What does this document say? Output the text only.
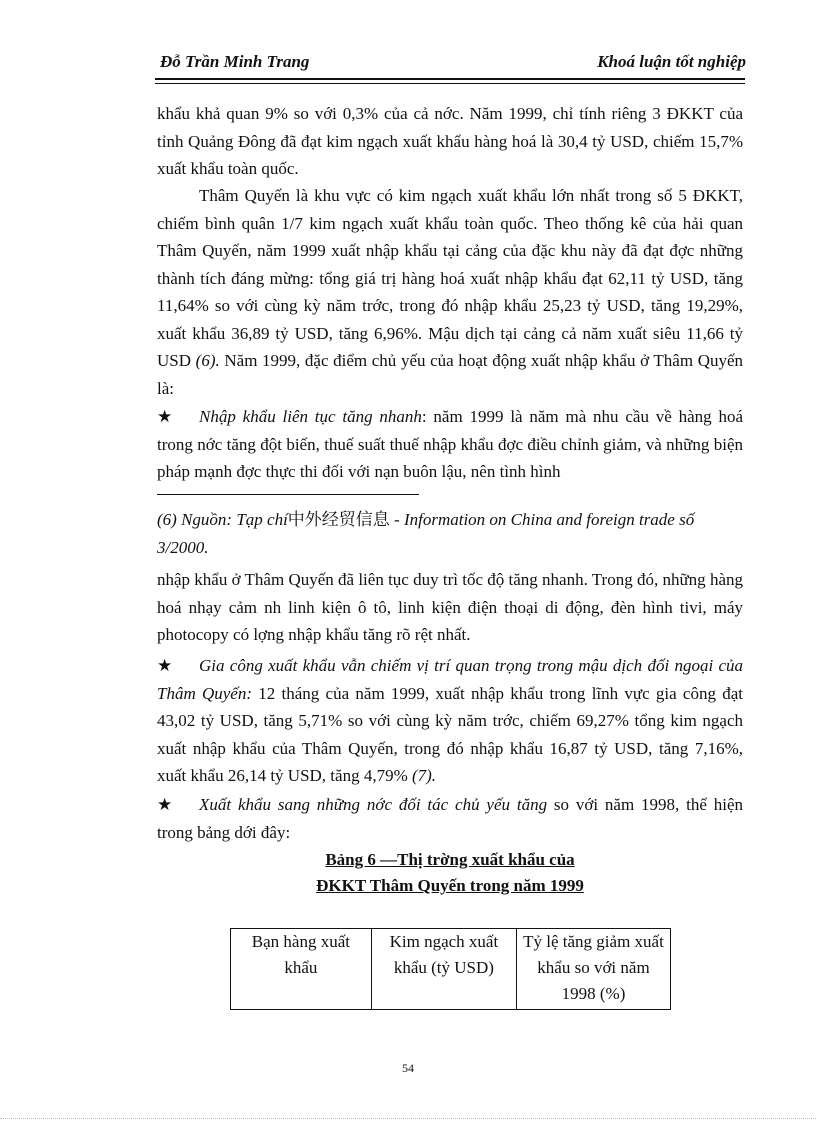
Đỗ Trần Minh Trang	Khoá luận tốt nghiệp

khẩu khả quan 9% so với 0,3% của cả nớc. Năm 1999, chỉ tính riêng 3 ĐKKT của tỉnh Quảng Đông đã đạt kim ngạch xuất khẩu hàng hoá là 30,4 tỷ USD, chiếm 15,7% xuất khẩu toàn quốc.

Thâm Quyến là khu vực có kim ngạch xuất khẩu lớn nhất trong số 5 ĐKKT, chiếm bình quân 1/7 kim ngạch xuất khẩu toàn quốc. Theo thống kê của hải quan Thâm Quyến, năm 1999 xuất nhập khẩu tại cảng của đặc khu này đã đạt đợc những thành tích đáng mừng: tổng giá trị hàng hoá xuất nhập khẩu đạt 62,11 tỷ USD, tăng 11,64% so với cùng kỳ năm trớc, trong đó nhập khẩu 25,23 tỷ USD, tăng 19,29%, xuất khẩu 36,89 tỷ USD, tăng 6,96%. Mậu dịch tại cảng cả năm xuất siêu 11,66 tỷ USD (6). Năm 1999, đặc điểm chủ yếu của hoạt động xuất nhập khẩu ở Thâm Quyến là:

★ Nhập khẩu liên tục tăng nhanh: năm 1999 là năm mà nhu cầu về hàng hoá trong nớc tăng đột biến, thuế suất thuế nhập khẩu đợc điều chỉnh giảm, và những biện pháp mạnh đợc thực thi đối với nạn buôn lậu, nên tình hình

(6) Nguồn: Tạp chí中外经贸信息 - Information on China and foreign trade số 3/2000.

nhập khẩu ở Thâm Quyến đã liên tục duy trì tốc độ tăng nhanh. Trong đó, những hàng hoá nhạy cảm nh linh kiện ô tô, linh kiện điện thoại di động, đèn hình tivi, máy photocopy có lợng nhập khẩu tăng rõ rệt nhất.

★ Gia công xuất khẩu vẫn chiếm vị trí quan trọng trong mậu dịch đối ngoại của Thâm Quyến: 12 tháng của năm 1999, xuất nhập khẩu trong lĩnh vực gia công đạt 43,02 tỷ USD, tăng 5,71% so với cùng kỳ năm trớc, chiếm 69,27% tổng kim ngạch xuất nhập khẩu của Thâm Quyến, trong đó nhập khẩu 16,87 tỷ USD, tăng 7,16%, xuất khẩu 26,14 tỷ USD, tăng 4,79% (7).

★ Xuất khẩu sang những nớc đối tác chủ yếu tăng so với năm 1998, thể hiện trong bảng dới đây:

Bảng 6 —Thị trờng xuất khẩu của
ĐKKT Thâm Quyến trong năm 1999
Bạn hàng xuất khẩu	Kim ngạch xuất khẩu (tỷ USD)	Tỷ lệ tăng giảm xuất khẩu so với năm 1998 (%)
54
